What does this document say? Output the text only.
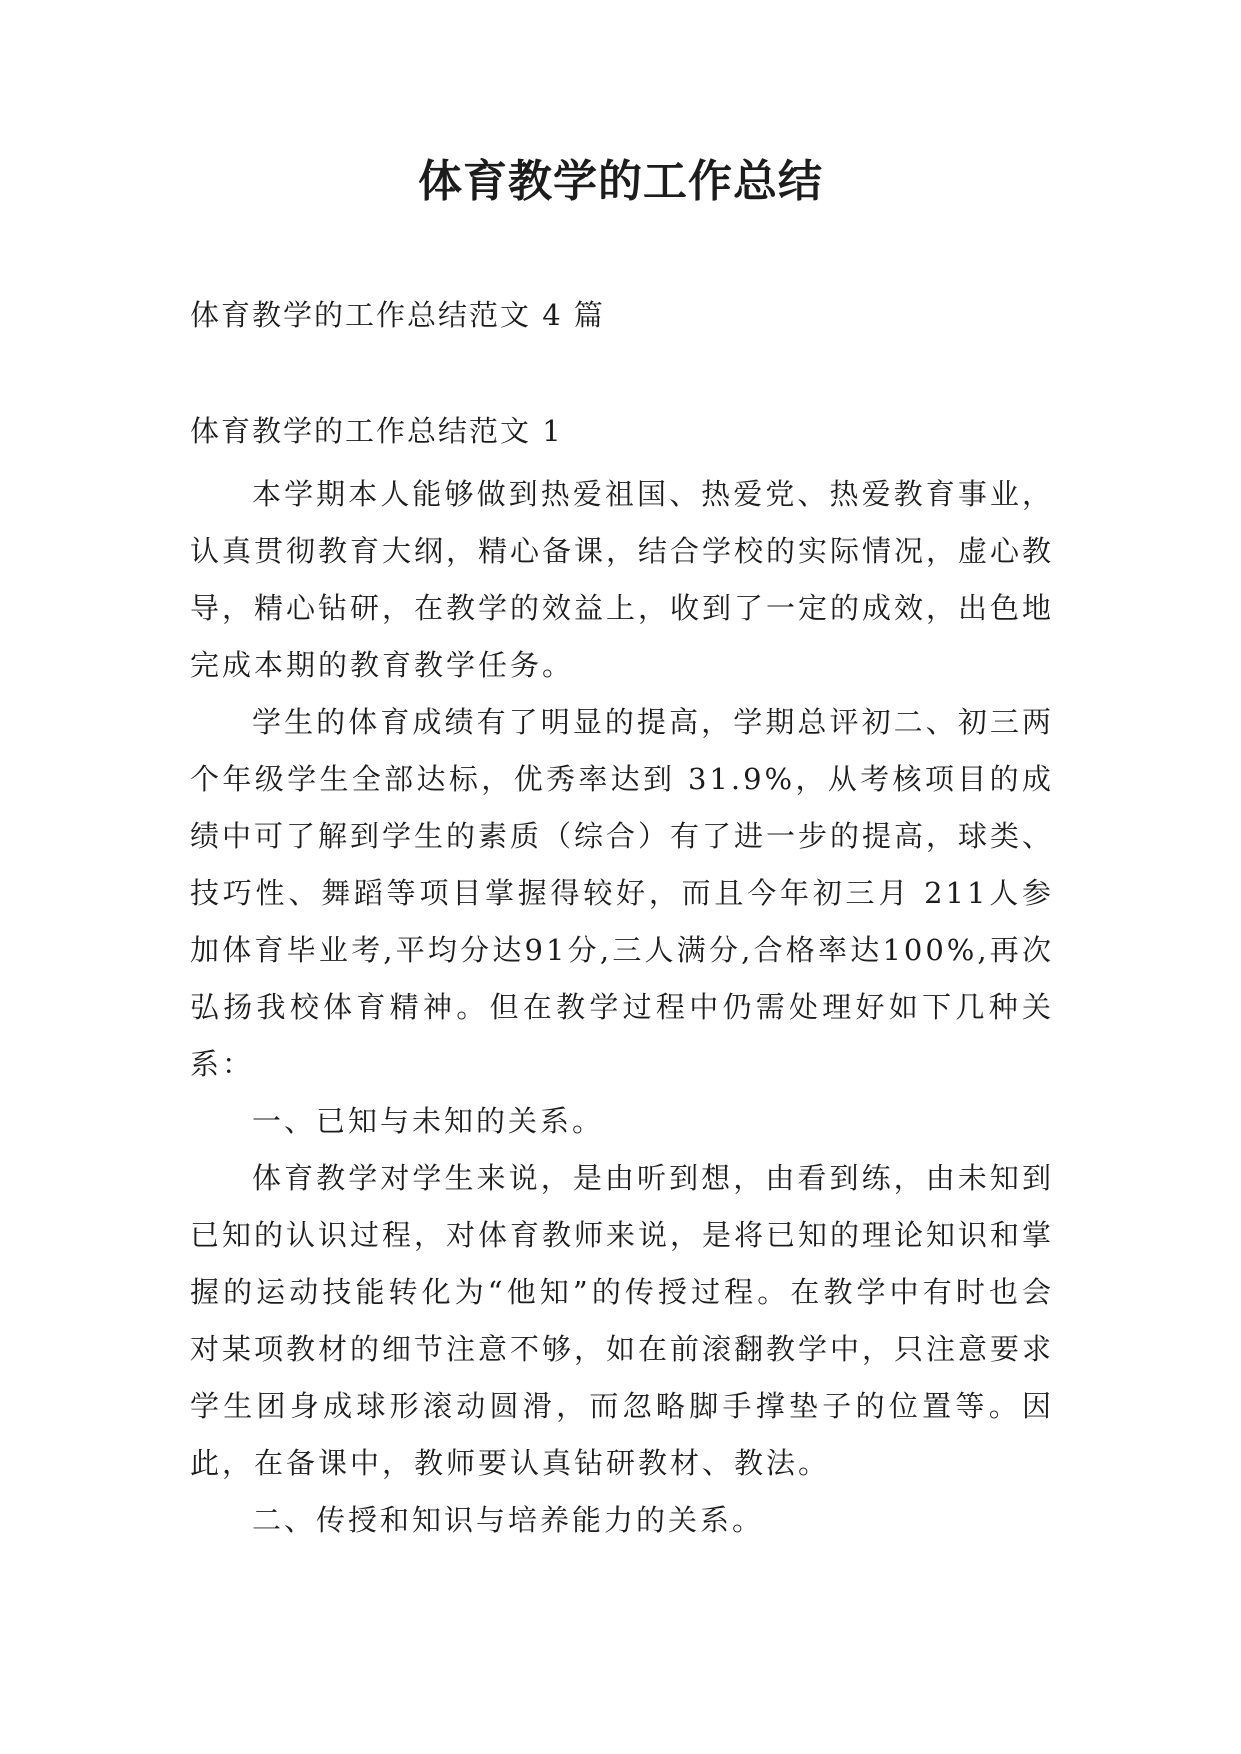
体育教学的工作总结

体育教学的工作总结范文 4 篇

体育教学的工作总结范文 1

本学期本人能够做到热爱祖国、热爱党、热爱教育事业，认真贯彻教育大纲，精心备课，结合学校的实际情况，虚心教导，精心钻研，在教学的效益上，收到了一定的成效，出色地完成本期的教育教学任务。

学生的体育成绩有了明显的提高，学期总评初二、初三两个年级学生全部达标，优秀率达到 31.9%，从考核项目的成绩中可了解到学生的素质（综合）有了进一步的提高，球类、技巧性、舞蹈等项目掌握得较好，而且今年初三月 211人参加体育毕业考,平均分达91分,三人满分,合格率达100%,再次弘扬我校体育精神。但在教学过程中仍需处理好如下几种关系：

一、已知与未知的关系。

体育教学对学生来说，是由听到想，由看到练，由未知到已知的认识过程，对体育教师来说，是将已知的理论知识和掌握的运动技能转化为“他知”的传授过程。在教学中有时也会对某项教材的细节注意不够，如在前滚翻教学中，只注意要求学生团身成球形滚动圆滑，而忽略脚手撑垫子的位置等。因此，在备课中，教师要认真钻研教材、教法。

二、传授和知识与培养能力的关系。
